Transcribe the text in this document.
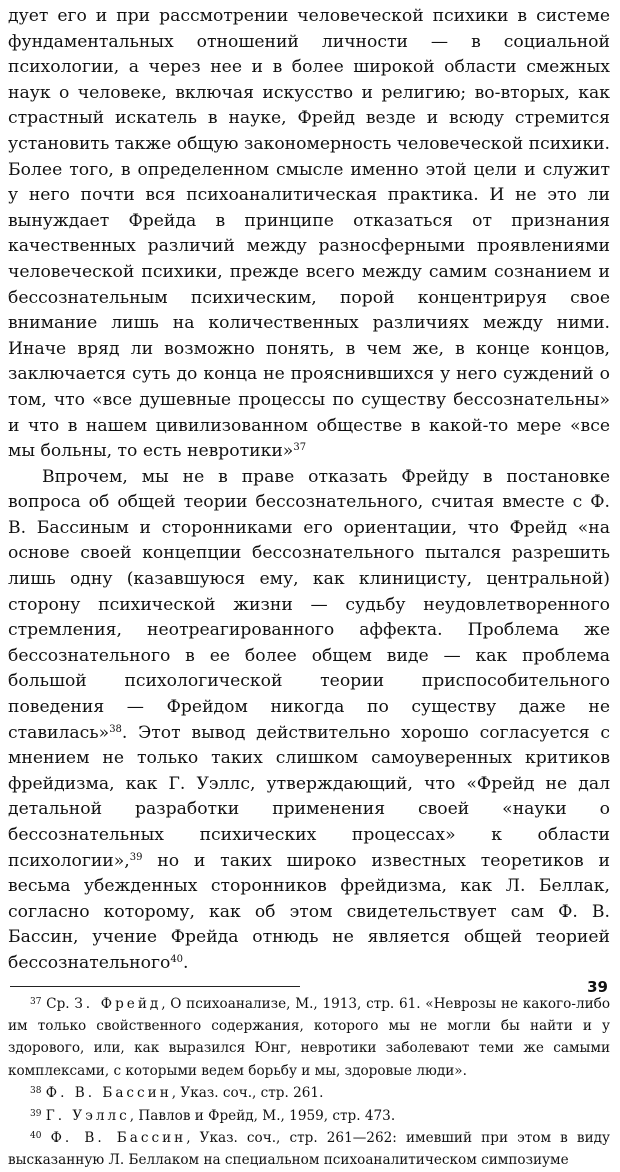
дует его и при рассмотрении человеческой психики в системе фундаментальных отношений личности — в социальной психологии, а через нее и в более широкой области смежных наук о человеке, включая искусство и религию; во-вторых, как страстный искатель в науке, Фрейд везде и всюду стремится установить также общую закономерность человеческой психики. Более того, в определенном смысле именно этой цели и служит у него почти вся психоаналитическая практика. И не это ли вынуждает Фрейда в принципе отказаться от признания качественных различий между разносферными проявлениями человеческой психики, прежде всего между самим сознанием и бессознательным психическим, порой концентрируя свое внимание лишь на количественных различиях между ними. Иначе вряд ли возможно понять, в чем же, в конце концов, заключается суть до конца не прояснившихся у него суждений о том, что «все душевные процессы по существу бессознательны» и что в нашем цивилизованном обществе в какой-то мере «все мы больны, то есть невротики»$^{37}$

Впрочем, мы не в праве отказать Фрейду в постановке вопроса об общей теории бессознательного, считая вместе с Ф. В. Бассиным и сторонниками его ориентации, что Фрейд «на основе своей концепции бессознательного пытался разрешить лишь одну (казавшуюся ему, как клиницисту, центральной) сторону психической жизни — судьбу неудовлетворенного стремления, неотреагированного аффекта. Проблема же бессознательного в ее более общем виде — как проблема большой психологической теории приспособительного поведения — Фрейдом никогда по существу даже не ставилась»$^{38}$. Этот вывод действительно хорошо согласуется с мнением не только таких слишком самоуверенных критиков фрейдизма, как Г. Уэллс, утверждающий, что «Фрейд не дал детальной разработки применения своей «науки о бессознательных психических процессах» к области психологии»,$^{39}$ но и таких широко известных теоретиков и весьма убежденных сторонников фрейдизма, как Л. Беллак, согласно которому, как об этом свидетельствует сам Ф. В. Бассин, учение Фрейда отнюдь не является общей теорией бессознательного$^{40}$.

$^{37}$ Ср. З. Фрейд, О психоанализе, М., 1913, стр. 61. «Неврозы не какого-либо им только свойственного содержания, которого мы не могли бы найти и у здорового, или, как выразился Юнг, невротики заболевают теми же самыми комплексами, с которыми ведем борьбу и мы, здоровые люди».

$^{38}$ Ф. В. Бассин, Указ. соч., стр. 261.

$^{39}$ Г. Уэллс, Павлов и Фрейд, М., 1959, стр. 473.

$^{40}$ Ф. В. Бассин, Указ. соч., стр. 261—262: имевший при этом в виду высказанную Л. Беллаком на специальном психоаналитическом симпозиуме

39
